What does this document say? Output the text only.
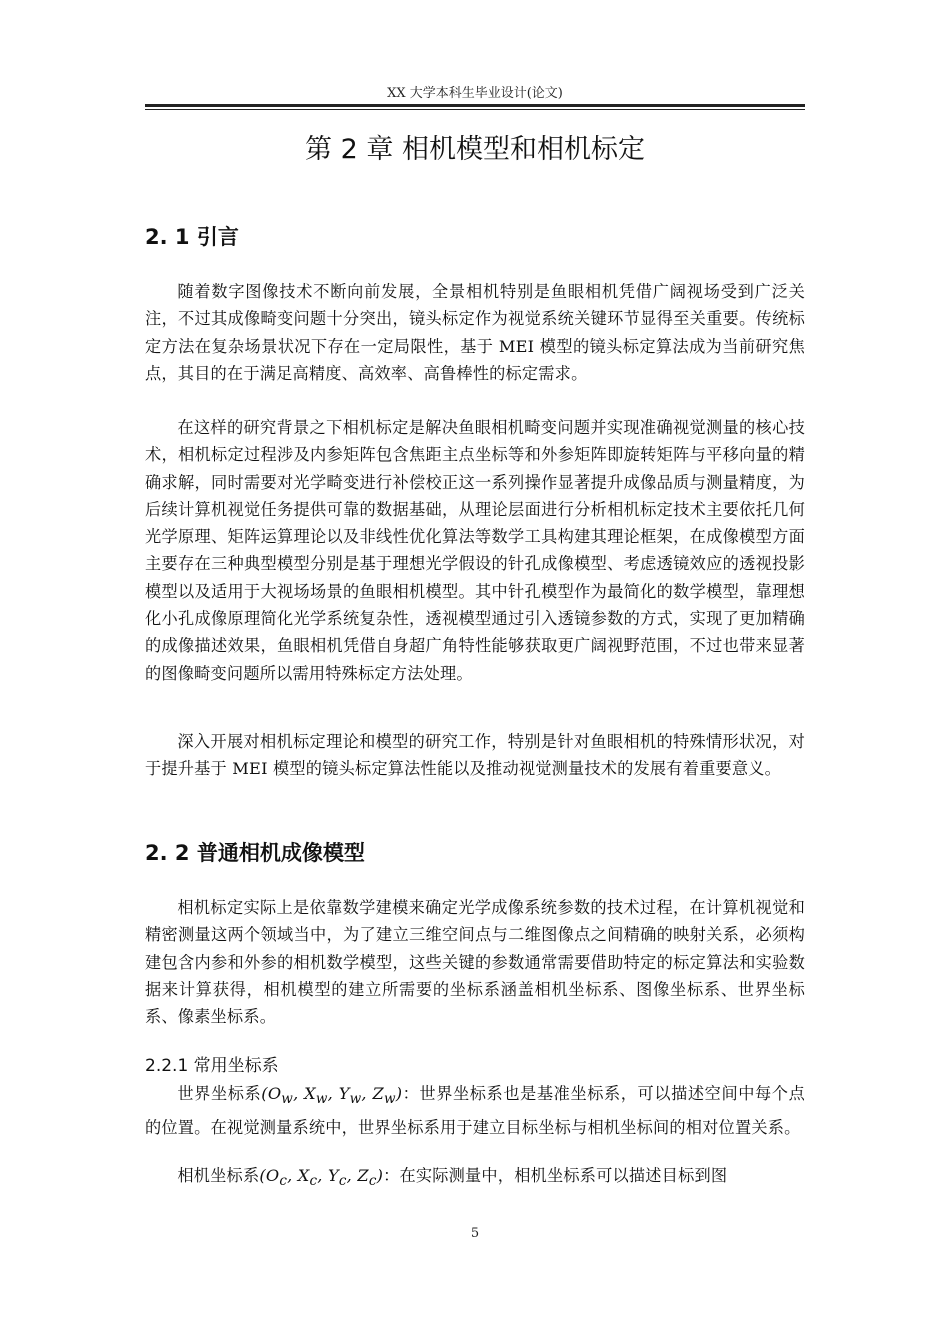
XX 大学本科生毕业设计(论文)
第 2 章 相机模型和相机标定
2. 1 引言

随着数字图像技术不断向前发展，全景相机特别是鱼眼相机凭借广阔视场受到广泛关注，不过其成像畸变问题十分突出，镜头标定作为视觉系统关键环节显得至关重要。传统标定方法在复杂场景状况下存在一定局限性，基于 MEI 模型的镜头标定算法成为当前研究焦点，其目的在于满足高精度、高效率、高鲁棒性的标定需求。

在这样的研究背景之下相机标定是解决鱼眼相机畸变问题并实现准确视觉测量的核心技术，相机标定过程涉及内参矩阵包含焦距主点坐标等和外参矩阵即旋转矩阵与平移向量的精确求解，同时需要对光学畸变进行补偿校正这一系列操作显著提升成像品质与测量精度，为后续计算机视觉任务提供可靠的数据基础，从理论层面进行分析相机标定技术主要依托几何光学原理、矩阵运算理论以及非线性优化算法等数学工具构建其理论框架，在成像模型方面主要存在三种典型模型分别是基于理想光学假设的针孔成像模型、考虑透镜效应的透视投影模型以及适用于大视场场景的鱼眼相机模型。其中针孔模型作为最简化的数学模型，靠理想化小孔成像原理简化光学系统复杂性，透视模型通过引入透镜参数的方式，实现了更加精确的成像描述效果，鱼眼相机凭借自身超广角特性能够获取更广阔视野范围，不过也带来显著的图像畸变问题所以需用特殊标定方法处理。

深入开展对相机标定理论和模型的研究工作，特别是针对鱼眼相机的特殊情形状况，对于提升基于 MEI 模型的镜头标定算法性能以及推动视觉测量技术的发展有着重要意义。

2. 2 普通相机成像模型

相机标定实际上是依靠数学建模来确定光学成像系统参数的技术过程，在计算机视觉和精密测量这两个领域当中，为了建立三维空间点与二维图像点之间精确的映射关系，必须构建包含内参和外参的相机数学模型，这些关键的参数通常需要借助特定的标定算法和实验数据来计算获得，相机模型的建立所需要的坐标系涵盖相机坐标系、图像坐标系、世界坐标系、像素坐标系。

2.2.1 常用坐标系

世界坐标系($O_w$, $X_w$, $Y_w$, $Z_w$)：世界坐标系也是基准坐标系，可以描述空间中每个点的位置。在视觉测量系统中，世界坐标系用于建立目标坐标与相机坐标间的相对位置关系。

相机坐标系($O_c$, $X_c$, $Y_c$, $Z_c$)：在实际测量中，相机坐标系可以描述目标到图

5
